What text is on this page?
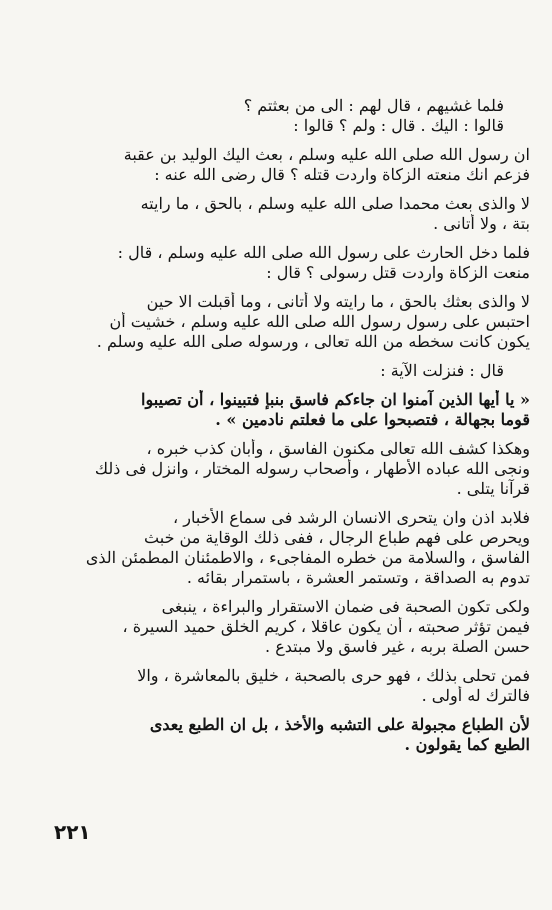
فلما غشيهم ، قال لهم : الى من بعثتم ؟
قالوا : اليك . قال : ولم ؟ قالوا :
ان رسول الله صلى الله عليه وسلم ، بعث اليك الوليد بن عقبة
فزعم انك منعته الزكاة واردت قتله ؟ قال رضى الله عنه :
لا والذى بعث محمدا صلى الله عليه وسلم ، بالحق ، ما رايته
بتة ، ولا أتانى .
فلما دخل الحارث على رسول الله صلى الله عليه وسلم ، قال :
منعت الزكاة واردت قتل رسولى ؟ قال :
لا والذى بعثك بالحق ، ما رايته ولا أتانى ، وما أقبلت الا حين
احتبس على رسول رسول الله صلى الله عليه وسلم ، خشيت أن
يكون كانت سخطه من الله تعالى ، ورسوله صلى الله عليه وسلم .
قال : فنزلت الآية :
« يا أيها الذين آمنوا ان جاءكم فاسق بنبإ فتبينوا ، أن تصيبوا
قوما بجهالة ، فتصبحوا على ما فعلتم نادمين » .
وهكذا كشف الله تعالى مكنون الفاسق ، وأبان كذب خبره ،
ونجى الله عباده الأطهار ، وأصحاب رسوله المختار ، وانزل فى ذلك
قرآنا يتلى .
فلابد اذن وان يتحرى الانسان الرشد فى سماع الأخبار ،
ويحرص على فهم طباع الرجال ، ففى ذلك الوقاية من خبث
الفاسق ، والسلامة من خطره المفاجىء ، والاطمئنان المطمئن الذى
تدوم به الصداقة ، وتستمر العشرة ، باستمرار بقائه .
ولكى تكون الصحبة فى ضمان الاستقرار والبراءة ، ينبغى
فيمن تؤثر صحبته ، أن يكون عاقلا ، كريم الخلق حميد السيرة ،
حسن الصلة بربه ، غير فاسق ولا مبتدع .
فمن تحلى بذلك ، فهو حرى بالصحبة ، خليق بالمعاشرة ، والا
فالترك له أولى .
لأن الطباع مجبولة على التشبه والأخذ ، بل ان الطبع يعدى
الطبع كما يقولون .
٢٢١
